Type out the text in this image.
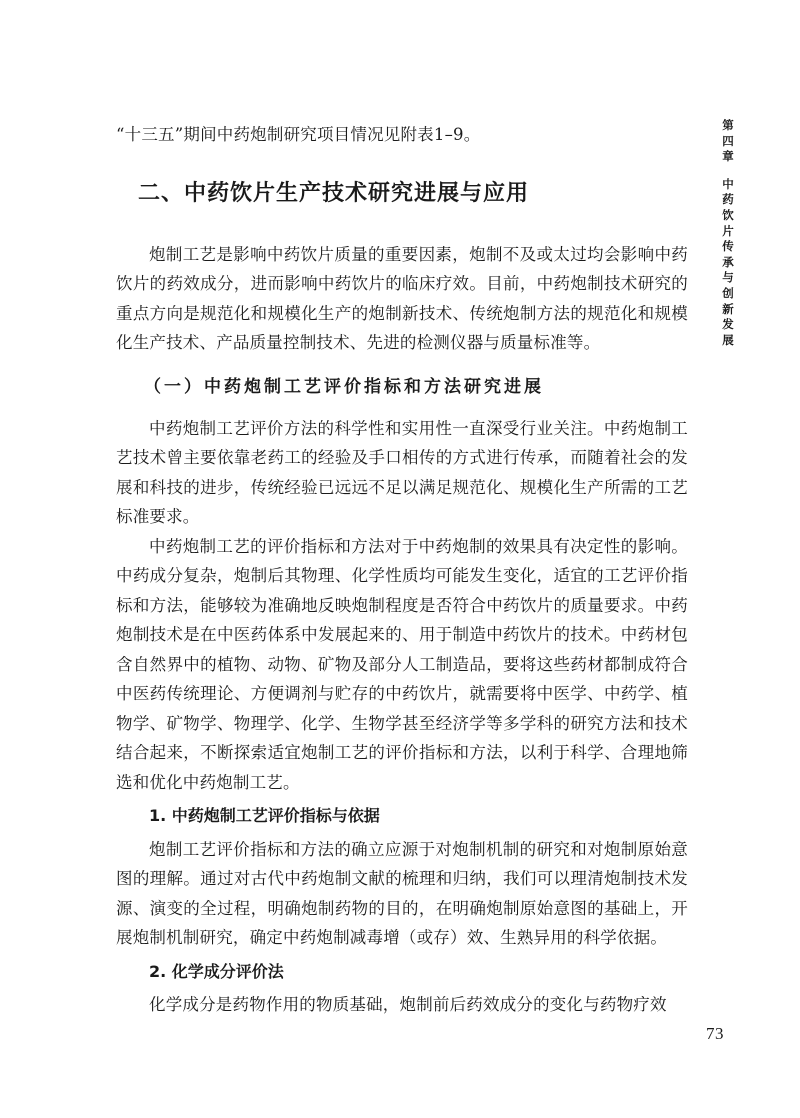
“十三五”期间中药炮制研究项目情况见附表1–9。

二、中药饮片生产技术研究进展与应用

炮制工艺是影响中药饮片质量的重要因素，炮制不及或太过均会影响中药饮片的药效成分，进而影响中药饮片的临床疗效。目前，中药炮制技术研究的重点方向是规范化和规模化生产的炮制新技术、传统炮制方法的规范化和规模化生产技术、产品质量控制技术、先进的检测仪器与质量标准等。

（一）中药炮制工艺评价指标和方法研究进展

中药炮制工艺评价方法的科学性和实用性一直深受行业关注。中药炮制工艺技术曾主要依靠老药工的经验及手口相传的方式进行传承，而随着社会的发展和科技的进步，传统经验已远远不足以满足规范化、规模化生产所需的工艺标准要求。

中药炮制工艺的评价指标和方法对于中药炮制的效果具有决定性的影响。中药成分复杂，炮制后其物理、化学性质均可能发生变化，适宜的工艺评价指标和方法，能够较为准确地反映炮制程度是否符合中药饮片的质量要求。中药炮制技术是在中医药体系中发展起来的、用于制造中药饮片的技术。中药材包含自然界中的植物、动物、矿物及部分人工制造品，要将这些药材都制成符合中医药传统理论、方便调剂与贮存的中药饮片，就需要将中医学、中药学、植物学、矿物学、物理学、化学、生物学甚至经济学等多学科的研究方法和技术结合起来，不断探索适宜炮制工艺的评价指标和方法，以利于科学、合理地筛选和优化中药炮制工艺。

1. 中药炮制工艺评价指标与依据

炮制工艺评价指标和方法的确立应源于对炮制机制的研究和对炮制原始意图的理解。通过对古代中药炮制文献的梳理和归纳，我们可以理清炮制技术发源、演变的全过程，明确炮制药物的目的，在明确炮制原始意图的基础上，开展炮制机制研究，确定中药炮制减毒增（或存）效、生熟异用的科学依据。

2. 化学成分评价法

化学成分是药物作用的物质基础，炮制前后药效成分的变化与药物疗效

第
四
章
中
药
饮
片
传
承
与
创
新
发
展
73
